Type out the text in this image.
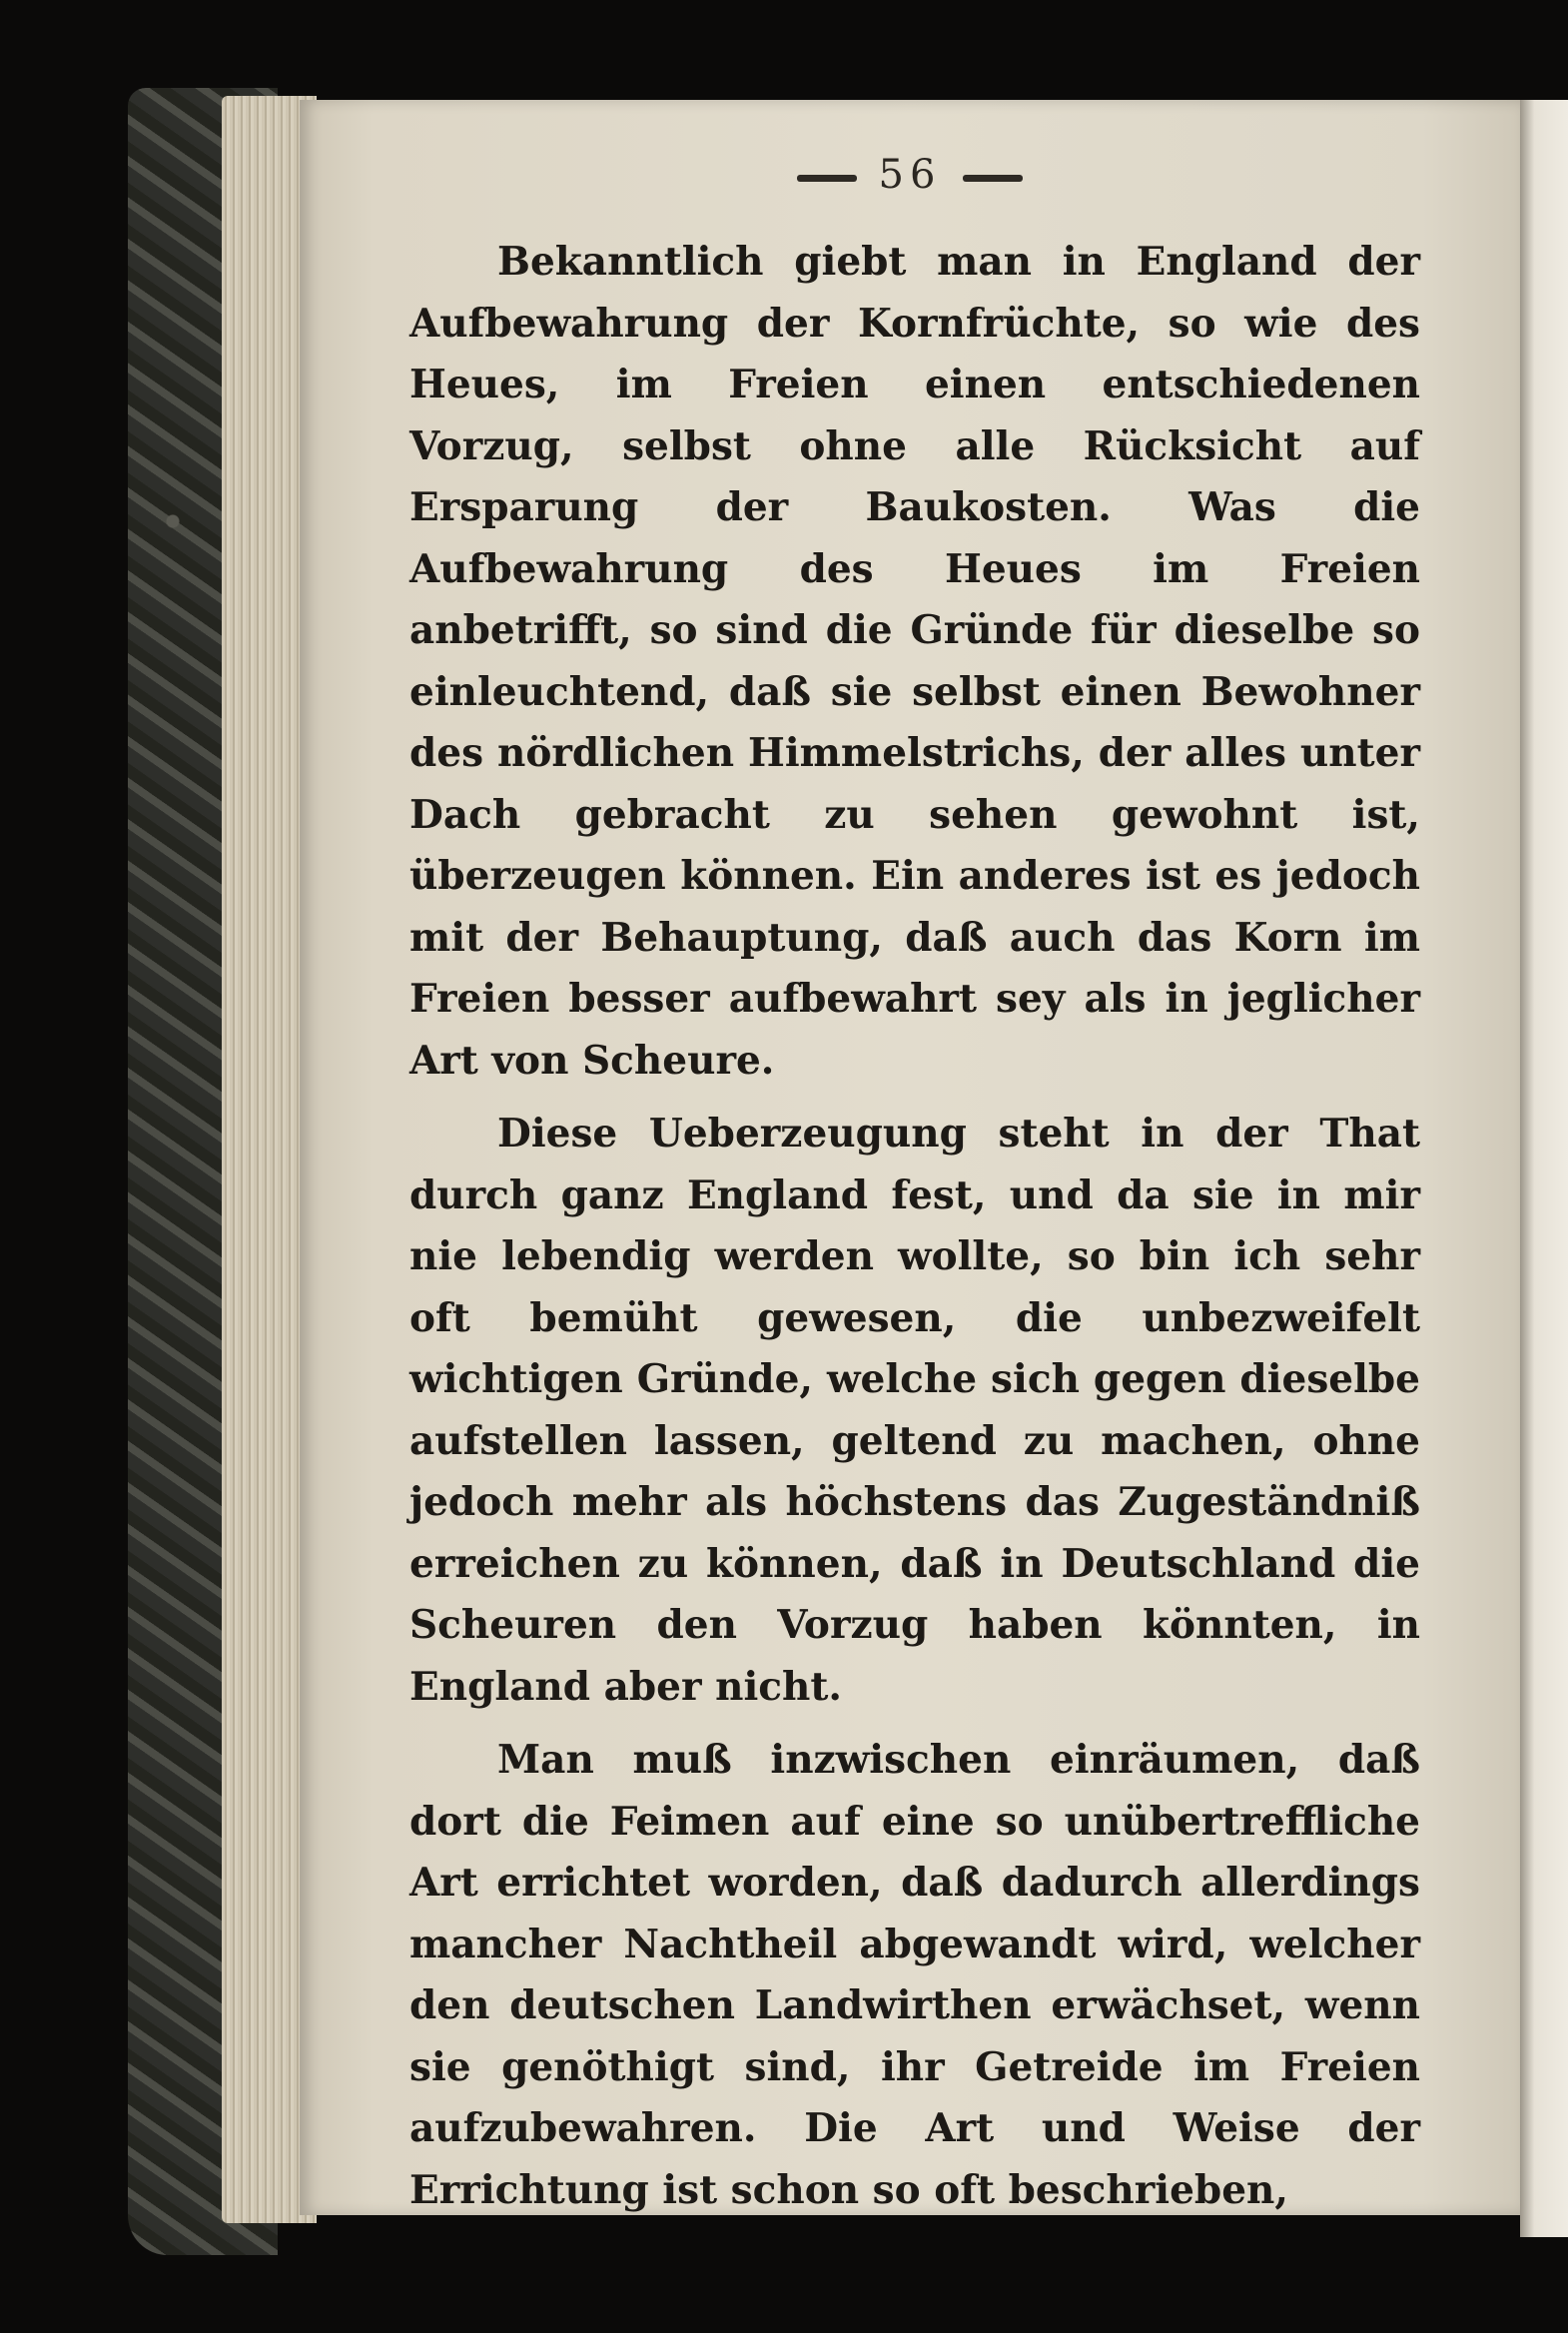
56

Bekanntlich giebt man in England der Aufbewahrung der Kornfrüchte, so wie des Heues, im Freien einen entschiedenen Vorzug, selbst ohne alle Rücksicht auf Ersparung der Baukosten. Was die Aufbewahrung des Heues im Freien anbetrifft, so sind die Gründe für dieselbe so einleuchtend, daß sie selbst einen Bewohner des nördlichen Himmelstrichs, der alles unter Dach gebracht zu sehen gewohnt ist, überzeugen können. Ein anderes ist es jedoch mit der Behauptung, daß auch das Korn im Freien besser aufbewahrt sey als in jeglicher Art von Scheure.

Diese Ueberzeugung steht in der That durch ganz England fest, und da sie in mir nie lebendig werden wollte, so bin ich sehr oft bemüht gewesen, die unbezweifelt wichtigen Gründe, welche sich gegen dieselbe aufstellen lassen, geltend zu machen, ohne jedoch mehr als höchstens das Zugeständniß erreichen zu können, daß in Deutschland die Scheuren den Vorzug haben könnten, in England aber nicht.

Man muß inzwischen einräumen, daß dort die Feimen auf eine so unübertreffliche Art errichtet worden, daß dadurch allerdings mancher Nachtheil abgewandt wird, welcher den deutschen Landwirthen erwächset, wenn sie genöthigt sind, ihr Getreide im Freien aufzubewahren. Die Art und Weise der Errichtung ist schon so oft beschrieben,
